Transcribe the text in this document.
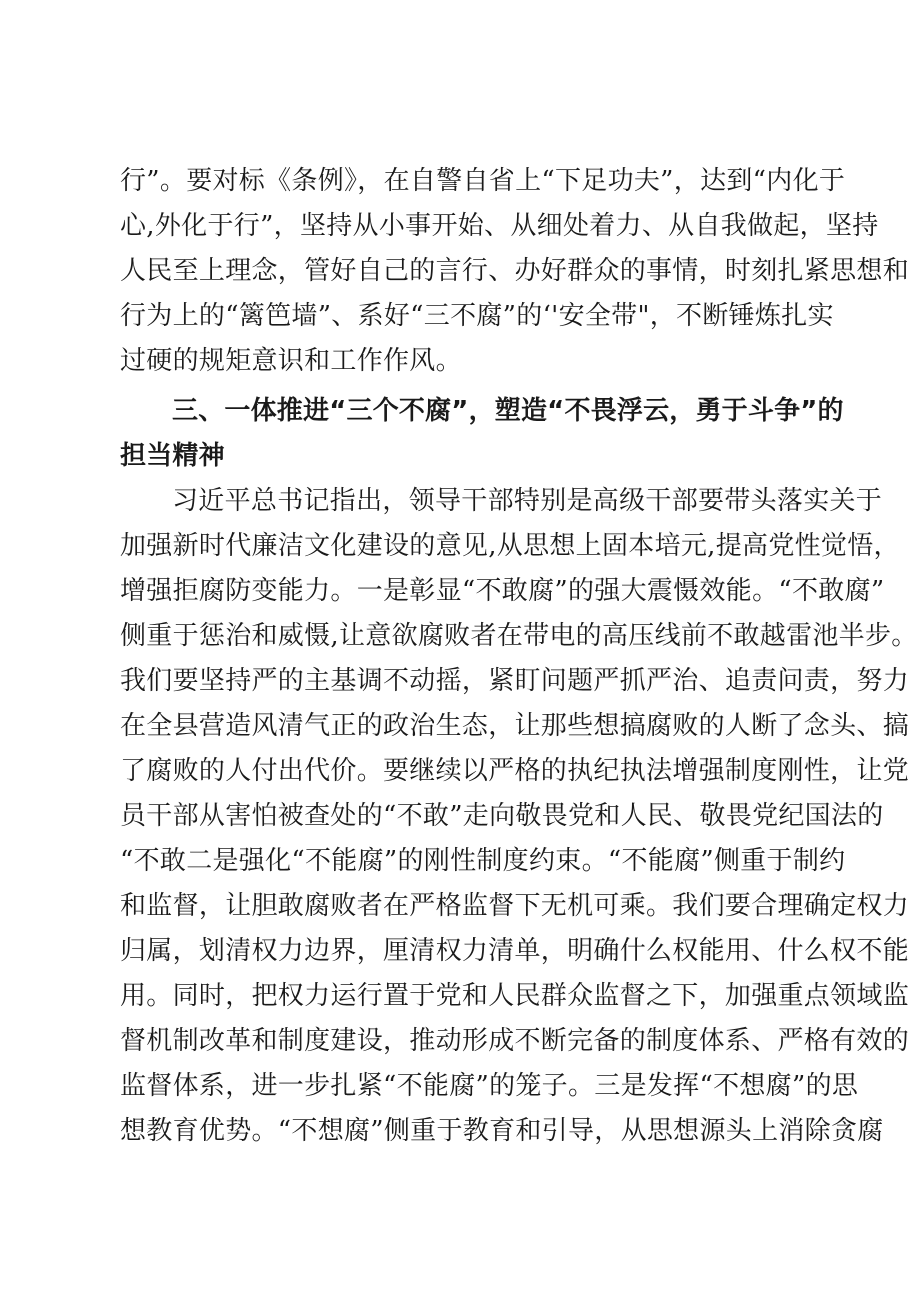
行”。要对标《条例》，在自警自省上“下足功夫”，达到“内化于
心,外化于行”，坚持从小事开始、从细处着力、从自我做起，坚持
人民至上理念，管好自己的言行、办好群众的事情，时刻扎紧思想和
行为上的“篱笆墙”、系好“三不腐”的‘'安全带"，不断锤炼扎实
过硬的规矩意识和工作作风。
三、一体推进“三个不腐”，塑造“不畏浮云，勇于斗争”的
担当精神
习近平总书记指出，领导干部特别是高级干部要带头落实关于
加强新时代廉洁文化建设的意见,从思想上固本培元,提高党性觉悟，
增强拒腐防变能力。一是彰显“不敢腐”的强大震慑效能。“不敢腐”
侧重于惩治和威慑,让意欲腐败者在带电的高压线前不敢越雷池半步。
我们要坚持严的主基调不动摇，紧盯问题严抓严治、追责问责，努力
在全县营造风清气正的政治生态，让那些想搞腐败的人断了念头、搞
了腐败的人付出代价。要继续以严格的执纪执法增强制度刚性，让党
员干部从害怕被查处的“不敢”走向敬畏党和人民、敬畏党纪国法的
“不敢二是强化“不能腐”的刚性制度约束。“不能腐”侧重于制约
和监督，让胆敢腐败者在严格监督下无机可乘。我们要合理确定权力
归属，划清权力边界，厘清权力清单，明确什么权能用、什么权不能
用。同时，把权力运行置于党和人民群众监督之下，加强重点领域监
督机制改革和制度建设，推动形成不断完备的制度体系、严格有效的
监督体系，进一步扎紧“不能腐”的笼子。三是发挥“不想腐”的思
想教育优势。“不想腐”侧重于教育和引导，从思想源头上消除贪腐
